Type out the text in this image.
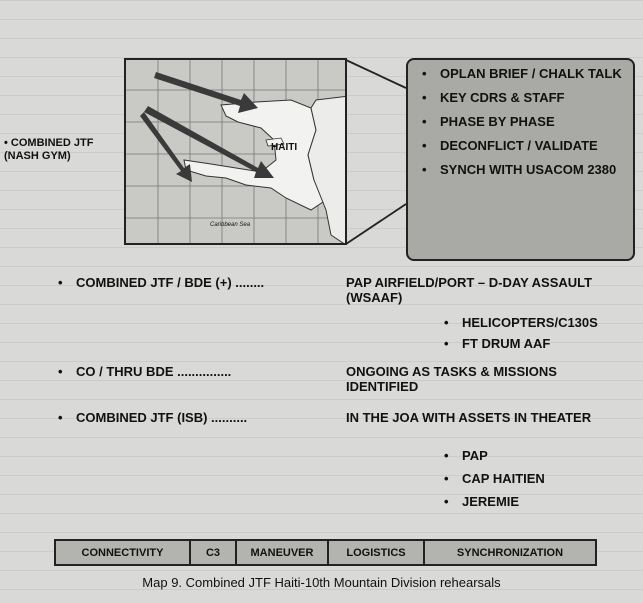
HAITI
Caribbean Sea
• COMBINED JTF
(NASH GYM)
• OPLAN BRIEF / CHALK TALK
• KEY CDRS & STAFF
• PHASE BY PHASE
• DECONFLICT / VALIDATE
• SYNCH WITH USACOM 2380
• COMBINED JTF / BDE (+) ........	PAP AIRFIELD/PORT – D-DAY ASSAULT (WSAAF)
• HELICOPTERS/C130S
• FT DRUM AAF
• CO / THRU BDE ...............	ONGOING AS TASKS & MISSIONS IDENTIFIED
• COMBINED JTF (ISB) ..........	IN THE JOA WITH ASSETS IN THEATER
• PAP
• CAP HAITIEN
• JEREMIE
CONNECTIVITY	C3	MANEUVER	LOGISTICS	SYNCHRONIZATION
Map 9. Combined JTF Haiti-10th Mountain Division rehearsals
